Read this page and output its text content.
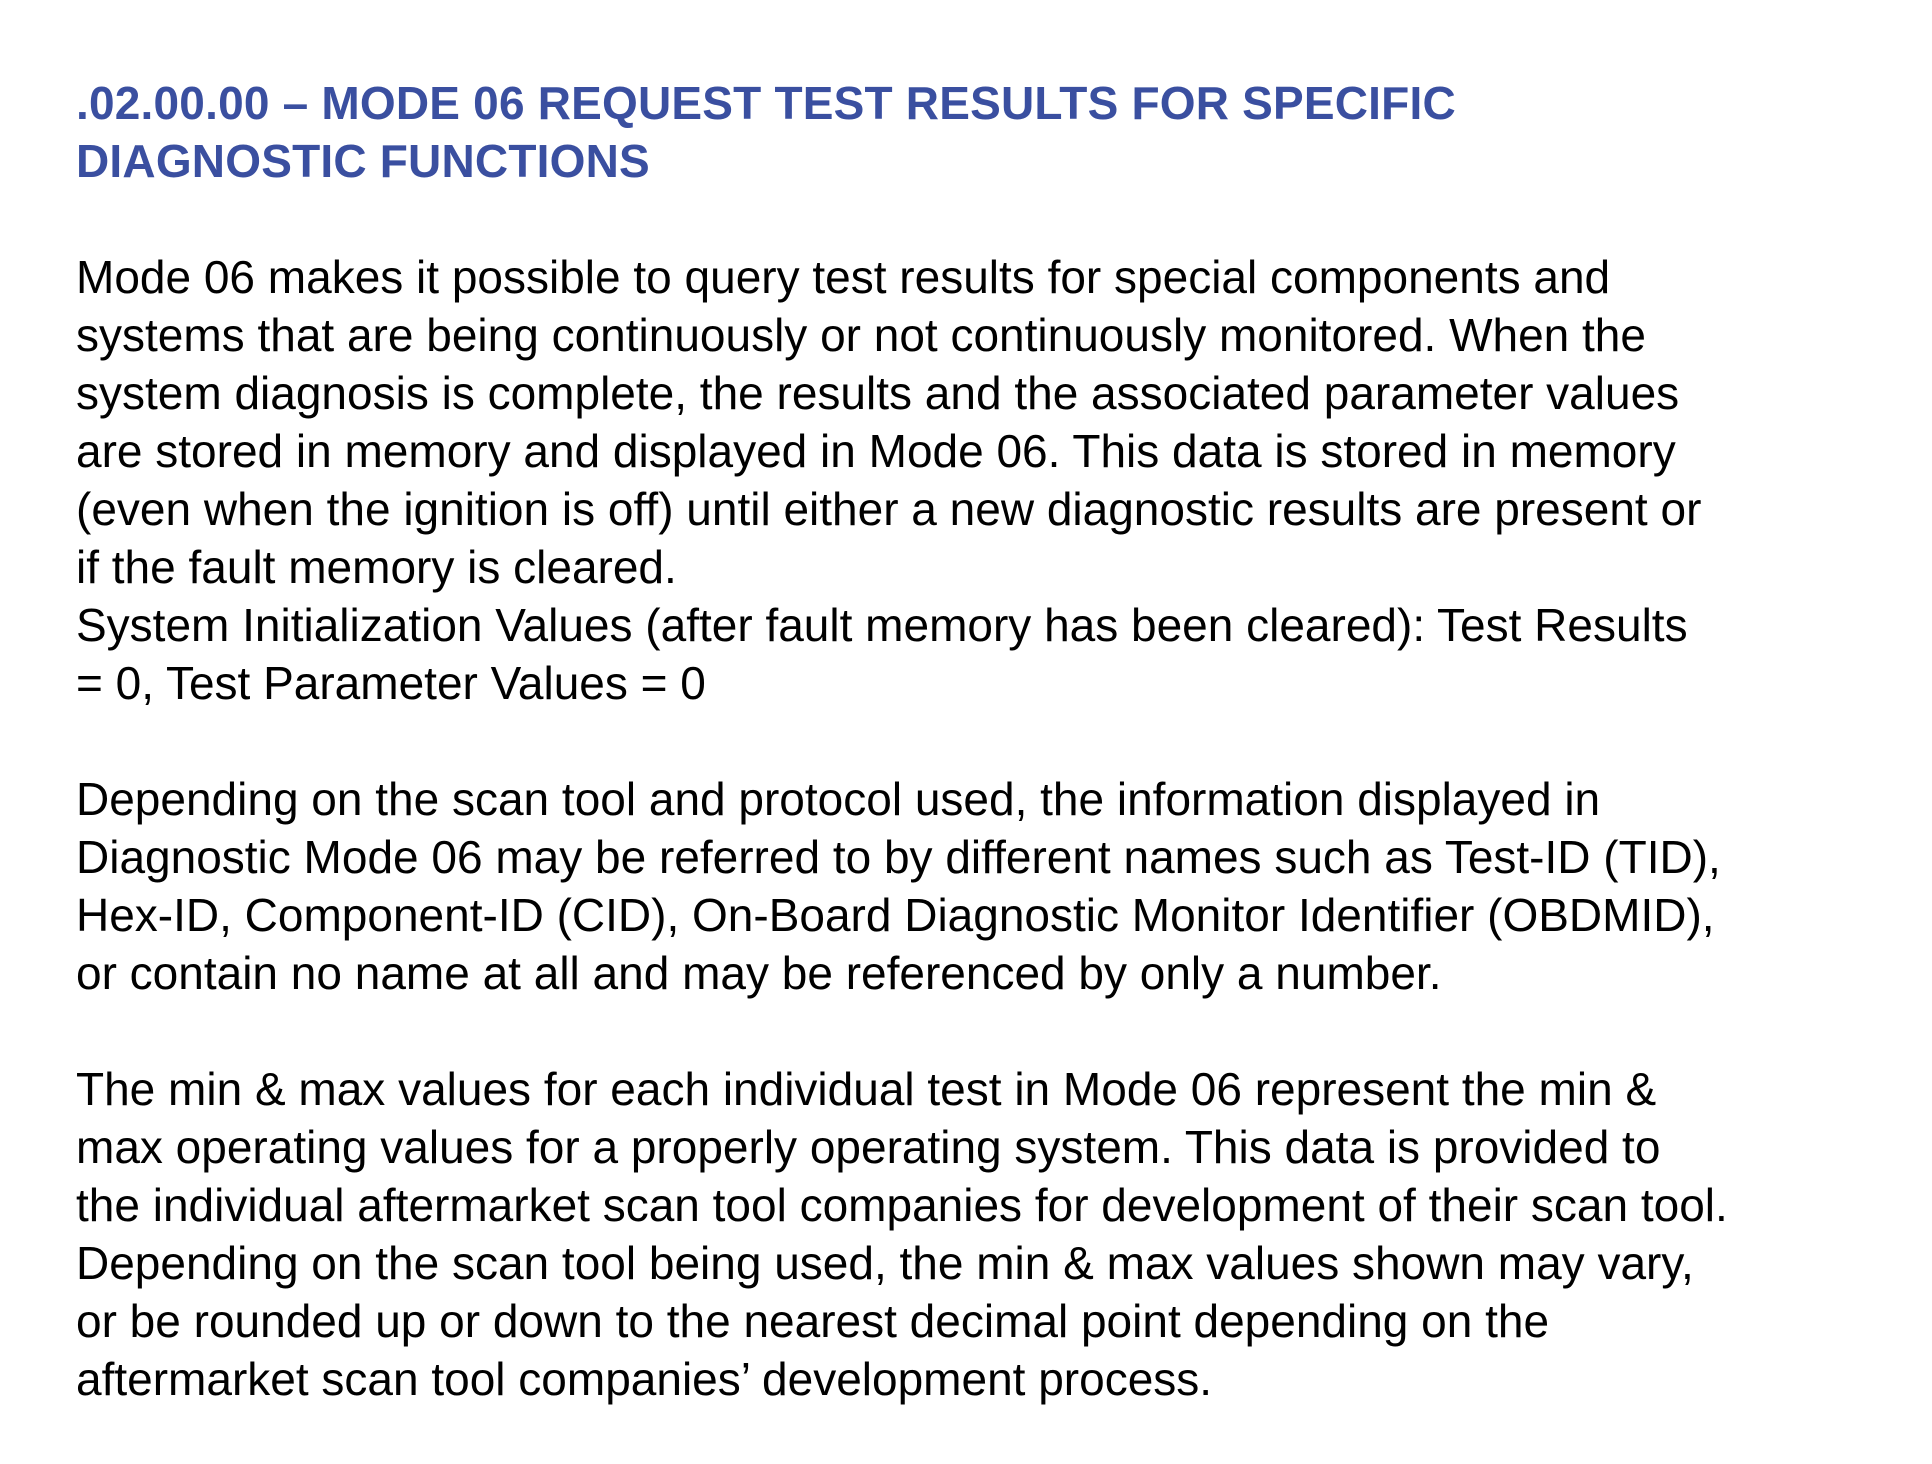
.02.00.00 – MODE 06 REQUEST TEST RESULTS FOR SPECIFIC
DIAGNOSTIC FUNCTIONS

Mode 06 makes it possible to query test results for special components and
systems that are being continuously or not continuously monitored. When the
system diagnosis is complete, the results and the associated parameter values
are stored in memory and displayed in Mode 06. This data is stored in memory
(even when the ignition is off) until either a new diagnostic results are present or
if the fault memory is cleared.
System Initialization Values (after fault memory has been cleared): Test Results
= 0, Test Parameter Values = 0

Depending on the scan tool and protocol used, the information displayed in
Diagnostic Mode 06 may be referred to by different names such as Test-ID (TID),
Hex-ID, Component-ID (CID), On-Board Diagnostic Monitor Identifier (OBDMID),
or contain no name at all and may be referenced by only a number.

The min & max values for each individual test in Mode 06 represent the min &
max operating values for a properly operating system. This data is provided to
the individual aftermarket scan tool companies for development of their scan tool.
Depending on the scan tool being used, the min & max values shown may vary,
or be rounded up or down to the nearest decimal point depending on the
aftermarket scan tool companies’ development process.
